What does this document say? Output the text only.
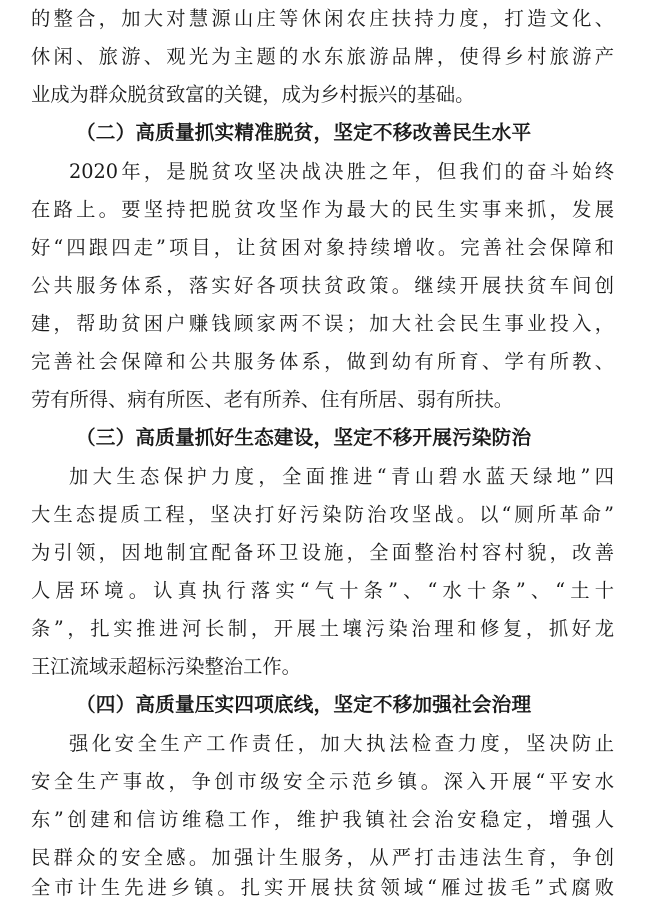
的整合，加大对慧源山庄等休闲农庄扶持力度，打造文化、
休闲、旅游、观光为主题的水东旅游品牌，使得乡村旅游产
业成为群众脱贫致富的关键，成为乡村振兴的基础。
（二）高质量抓实精准脱贫，坚定不移改善民生水平
2020年，是脱贫攻坚决战决胜之年，但我们的奋斗始终
在路上。要坚持把脱贫攻坚作为最大的民生实事来抓，发展
好“四跟四走”项目，让贫困对象持续增收。完善社会保障和
公共服务体系，落实好各项扶贫政策。继续开展扶贫车间创
建，帮助贫困户赚钱顾家两不误；加大社会民生事业投入，
完善社会保障和公共服务体系，做到幼有所育、学有所教、
劳有所得、病有所医、老有所养、住有所居、弱有所扶。
（三）高质量抓好生态建设，坚定不移开展污染防治
加大生态保护力度，全面推进“青山碧水蓝天绿地”四
大生态提质工程，坚决打好污染防治攻坚战。以“厕所革命”
为引领，因地制宜配备环卫设施，全面整治村容村貌，改善
人居环境。认真执行落实“气十条”、“水十条”、“土十
条”，扎实推进河长制，开展土壤污染治理和修复，抓好龙
王江流域汞超标污染整治工作。
（四）高质量压实四项底线，坚定不移加强社会治理
强化安全生产工作责任，加大执法检查力度，坚决防止
安全生产事故，争创市级安全示范乡镇。深入开展“平安水
东”创建和信访维稳工作，维护我镇社会治安稳定，增强人
民群众的安全感。加强计生服务，从严打击违法生育，争创
全市计生先进乡镇。扎实开展扶贫领域“雁过拔毛”式腐败
